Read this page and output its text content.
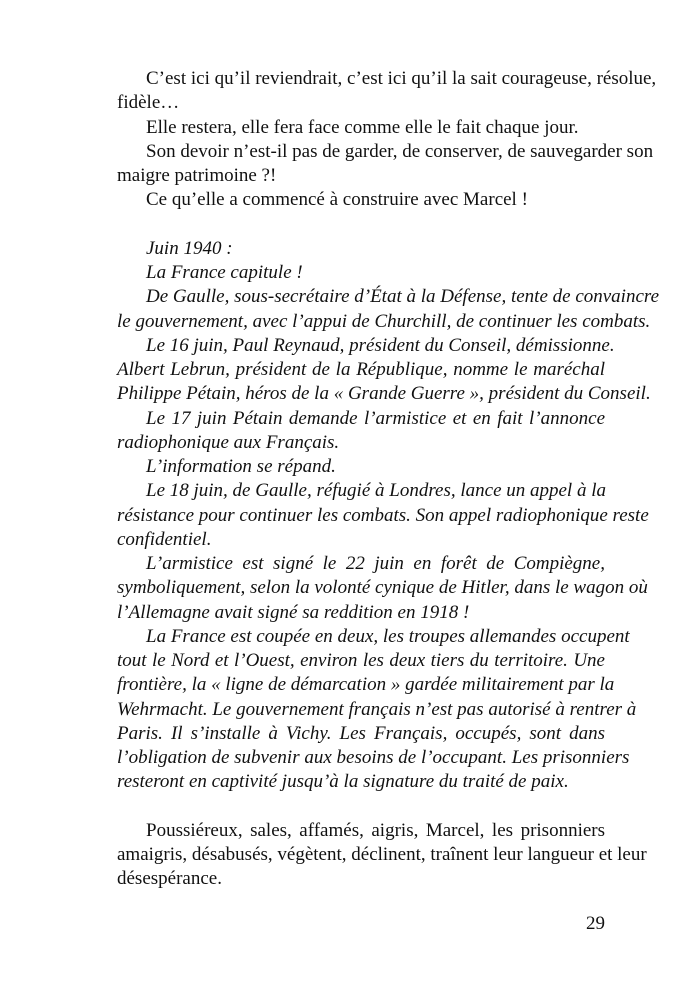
C’est ici qu’il reviendrait, c’est ici qu’il la sait courageuse, résolue,
fidèle…
Elle restera, elle fera face comme elle le fait chaque jour.
Son devoir n’est-il pas de garder, de conserver, de sauvegarder son
maigre patrimoine ?!
Ce qu’elle a commencé à construire avec Marcel !
Juin 1940 :
La France capitule !
De Gaulle, sous-secrétaire d’État à la Défense, tente de convaincre
le gouvernement, avec l’appui de Churchill, de continuer les combats.
Le 16 juin, Paul Reynaud, président du Conseil, démissionne.
Albert Lebrun, président de la République, nomme le maréchal
Philippe Pétain, héros de la « Grande Guerre », président du Conseil.
Le 17 juin Pétain demande l’armistice et en fait l’annonce
radiophonique aux Français.
L’information se répand.
Le 18 juin, de Gaulle, réfugié à Londres, lance un appel à la
résistance pour continuer les combats. Son appel radiophonique reste
confidentiel.
L’armistice est signé le 22 juin en forêt de Compiègne,
symboliquement, selon la volonté cynique de Hitler, dans le wagon où
l’Allemagne avait signé sa reddition en 1918 !
La France est coupée en deux, les troupes allemandes occupent
tout le Nord et l’Ouest, environ les deux tiers du territoire. Une
frontière, la « ligne de démarcation » gardée militairement par la
Wehrmacht. Le gouvernement français n’est pas autorisé à rentrer à
Paris. Il s’installe à Vichy. Les Français, occupés, sont dans
l’obligation de subvenir aux besoins de l’occupant. Les prisonniers
resteront en captivité jusqu’à la signature du traité de paix.
Poussiéreux, sales, affamés, aigris, Marcel, les prisonniers
amaigris, désabusés, végètent, déclinent, traînent leur langueur et leur
désespérance.
29
